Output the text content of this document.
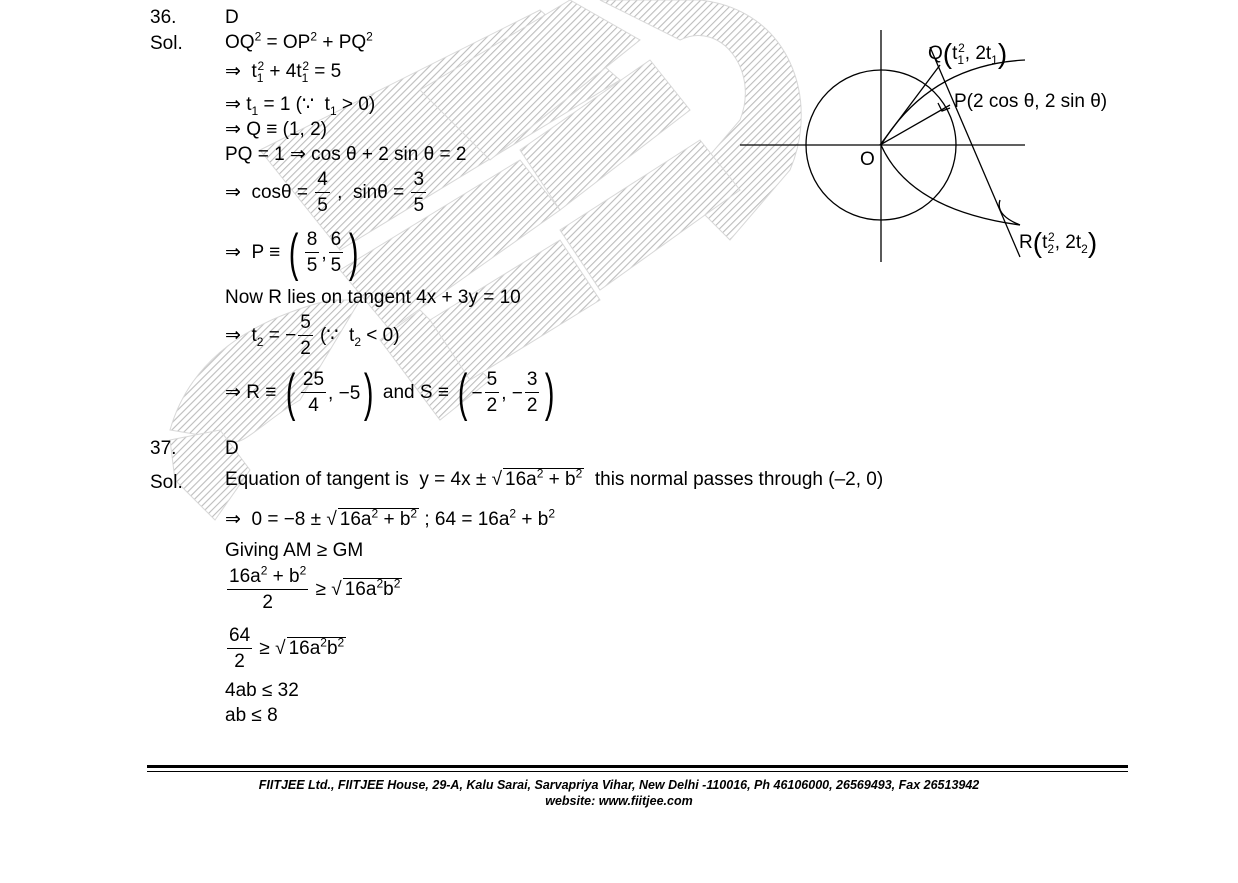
36.	D
Sol. $OQ^2 = OP^2 + PQ^2$
⇒  $t_1^2 + 4t_1^2 = 5$
⇒ $t_1 = 1$ (∵  $t_1 > 0$)
⇒ Q ≡ (1, 2)
PQ = 1 ⇒ cos θ + 2 sin θ = 2
⇒  $\cos\theta = \frac{4}{5}$ ,  $\sin\theta = \frac{3}{5}$
⇒  P ≡ ( $\frac{8}{5}$ , $\frac{6}{5}$ )
Now R lies on tangent 4x + 3y = 10
⇒  $t_2$ = − $\frac{5}{2}$ (∵  $t_2 < 0$)
⇒ R ≡ ( $\frac{25}{4}$ , −5 ) and S ≡ ( − $\frac{5}{2}$ , − $\frac{3}{2}$ )
$Q(t_1^2$, $2t_1$)
P(2 cos θ, 2 sin θ)
O
$R(t_2^2$, $2t_2$)
37.	D
Sol. Equation of tangent is  y = 4x ± √ $16a^2 + b^2$  this normal passes through (–2, 0)
⇒  0 = −8 ± √ $16a^2 + b^2$ ; $64 = 16a^2 + b^2$
Giving AM ≥ GM
$\frac{16a^2 + b^2}{2}$ ≥ √ $16a^2b^2$
$\frac{64}{2}$ ≥ √ $16a^2b^2$
4ab ≤ 32
ab ≤ 8
FIITJEE Ltd., FIITJEE House, 29-A, Kalu Sarai, Sarvapriya Vihar, New Delhi -110016, Ph 46106000, 26569493, Fax 26513942
website: www.fiitjee.com
